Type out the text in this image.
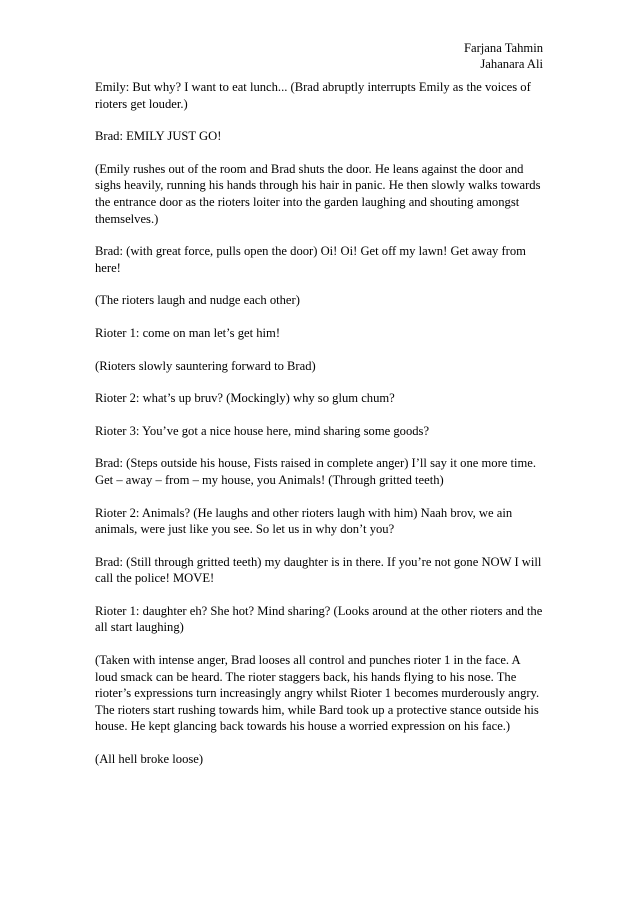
Farjana Tahmin
Jahanara Ali

Emily: But why? I want to eat lunch... (Brad abruptly interrupts Emily as the voices of rioters get louder.)

Brad: EMILY JUST GO!

(Emily rushes out of the room and Brad shuts the door. He leans against the door and sighs heavily, running his hands through his hair in panic. He then slowly walks towards the entrance door as the rioters loiter into the garden laughing and shouting amongst themselves.)

Brad: (with great force, pulls open the door) Oi! Oi! Get off my lawn! Get away from here!

(The rioters laugh and nudge each other)

Rioter 1: come on man let’s get him!

(Rioters slowly sauntering forward to Brad)

Rioter 2: what’s up bruv? (Mockingly) why so glum chum?

Rioter 3: You’ve got a nice house here, mind sharing some goods?

Brad: (Steps outside his house, Fists raised in complete anger) I’ll say it one more time. Get – away – from – my house, you Animals! (Through gritted teeth)

Rioter 2: Animals? (He laughs and other rioters laugh with him) Naah brov, we ain animals, were just like you see. So let us in why don’t you?

Brad: (Still through gritted teeth) my daughter is in there. If you’re not gone NOW I will call the police! MOVE!

Rioter 1: daughter eh? She hot? Mind sharing? (Looks around at the other rioters and the all start laughing)

(Taken with intense anger, Brad looses all control and punches rioter 1 in the face. A loud smack can be heard. The rioter staggers back, his hands flying to his nose. The rioter’s expressions turn increasingly angry whilst Rioter 1 becomes murderously angry. The rioters start rushing towards him, while Bard took up a protective stance outside his house. He kept glancing back towards his house a worried expression on his face.)

(All hell broke loose)
